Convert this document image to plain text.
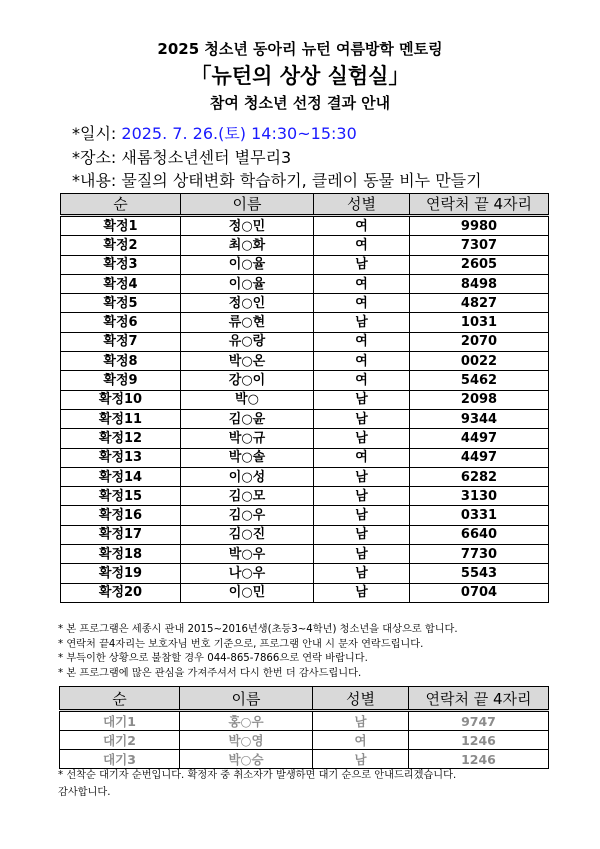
2025 청소년 동아리 뉴턴 여름방학 멘토링
「뉴턴의 상상 실험실」
참여 청소년 선정 결과 안내
*일시: 2025. 7. 26.(토) 14:30~15:30
*장소: 새롬청소년센터 별무리3
*내용: 물질의 상태변화 학습하기, 클레이 동물 비누 만들기
순	이름	성별	연락처 끝 4자리
확정1	정○민	여	9980
확정2	최○화	여	7307
확정3	이○율	남	2605
확정4	이○율	여	8498
확정5	정○인	여	4827
확정6	류○현	남	1031
확정7	유○랑	여	2070
확정8	박○온	여	0022
확정9	강○이	여	5462
확정10	박○	남	2098
확정11	김○윤	남	9344
확정12	박○규	남	4497
확정13	박○솔	여	4497
확정14	이○성	남	6282
확정15	김○모	남	3130
확정16	김○우	남	0331
확정17	김○진	남	6640
확정18	박○우	남	7730
확정19	나○우	남	5543
확정20	이○민	남	0704
* 본 프로그램은 세종시 관내 2015~2016년생(초등3~4학년) 청소년을 대상으로 합니다.
* 연락처 끝4자리는 보호자님 번호 기준으로, 프로그램 안내 시 문자 연락드립니다.
* 부득이한 상황으로 불참할 경우 044-865-7866으로 연락 바랍니다.
* 본 프로그램에 많은 관심을 가져주셔서 다시 한번 더 감사드립니다.
순	이름	성별	연락처 끝 4자리
대기1	홍○우	남	9747
대기2	박○영	여	1246
대기3	박○승	남	1246
* 선착순 대기자 순번입니다. 확정자 중 취소자가 발생하면 대기 순으로 안내드리겠습니다.
감사합니다.
